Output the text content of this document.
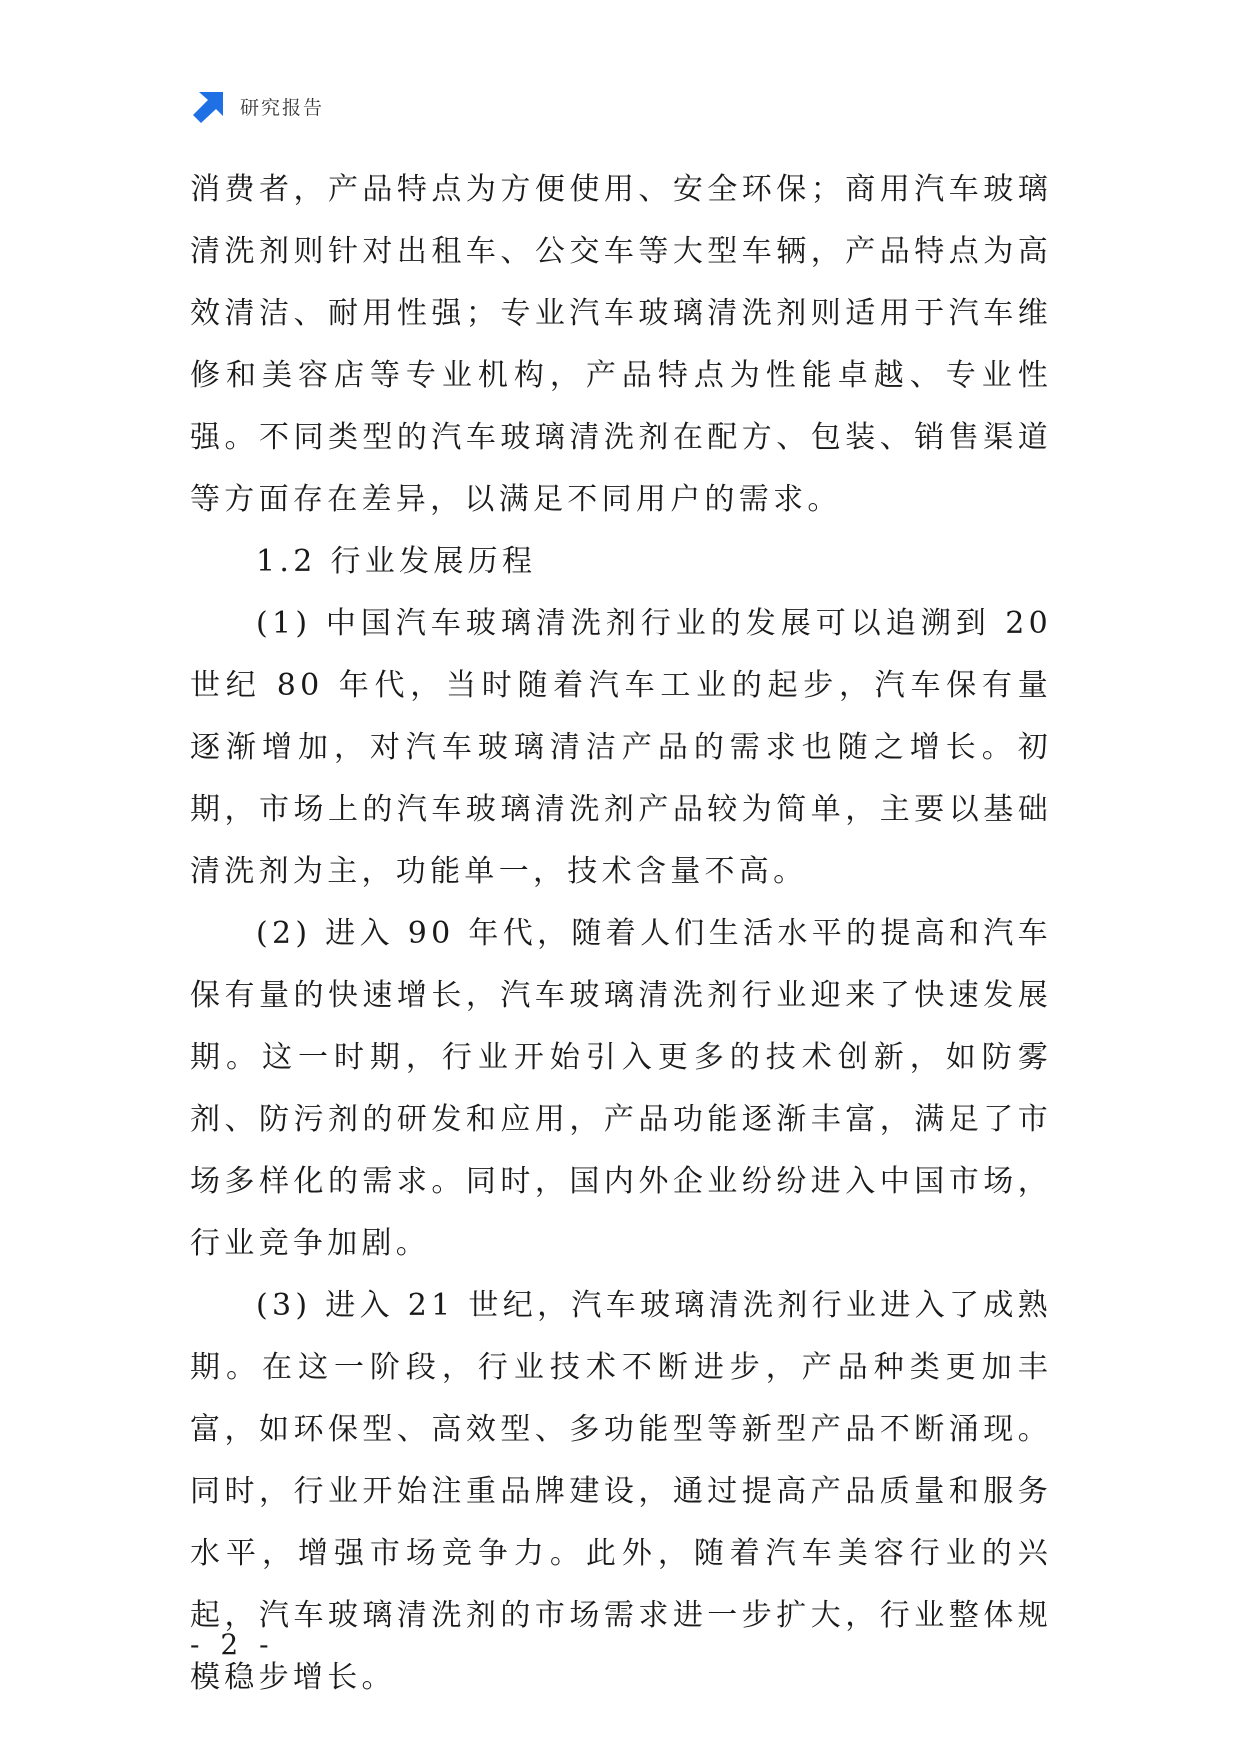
研究报告

消费者，产品特点为方便使用、安全环保；商用汽车玻璃清洗剂则针对出租车、公交车等大型车辆，产品特点为高效清洁、耐用性强；专业汽车玻璃清洗剂则适用于汽车维修和美容店等专业机构，产品特点为性能卓越、专业性强。不同类型的汽车玻璃清洗剂在配方、包装、销售渠道等方面存在差异，以满足不同用户的需求。

1.2 行业发展历程

(1) 中国汽车玻璃清洗剂行业的发展可以追溯到 20 世纪 80 年代，当时随着汽车工业的起步，汽车保有量逐渐增加，对汽车玻璃清洁产品的需求也随之增长。初期，市场上的汽车玻璃清洗剂产品较为简单，主要以基础清洗剂为主，功能单一，技术含量不高。

(2) 进入 90 年代，随着人们生活水平的提高和汽车保有量的快速增长，汽车玻璃清洗剂行业迎来了快速发展期。这一时期，行业开始引入更多的技术创新，如防雾剂、防污剂的研发和应用，产品功能逐渐丰富，满足了市场多样化的需求。同时，国内外企业纷纷进入中国市场，行业竞争加剧。

(3) 进入 21 世纪，汽车玻璃清洗剂行业进入了成熟期。在这一阶段，行业技术不断进步，产品种类更加丰富，如环保型、高效型、多功能型等新型产品不断涌现。同时，行业开始注重品牌建设，通过提高产品质量和服务水平，增强市场竞争力。此外，随着汽车美容行业的兴起，汽车玻璃清洗剂的市场需求进一步扩大，行业整体规模稳步增长。

- 2 -
